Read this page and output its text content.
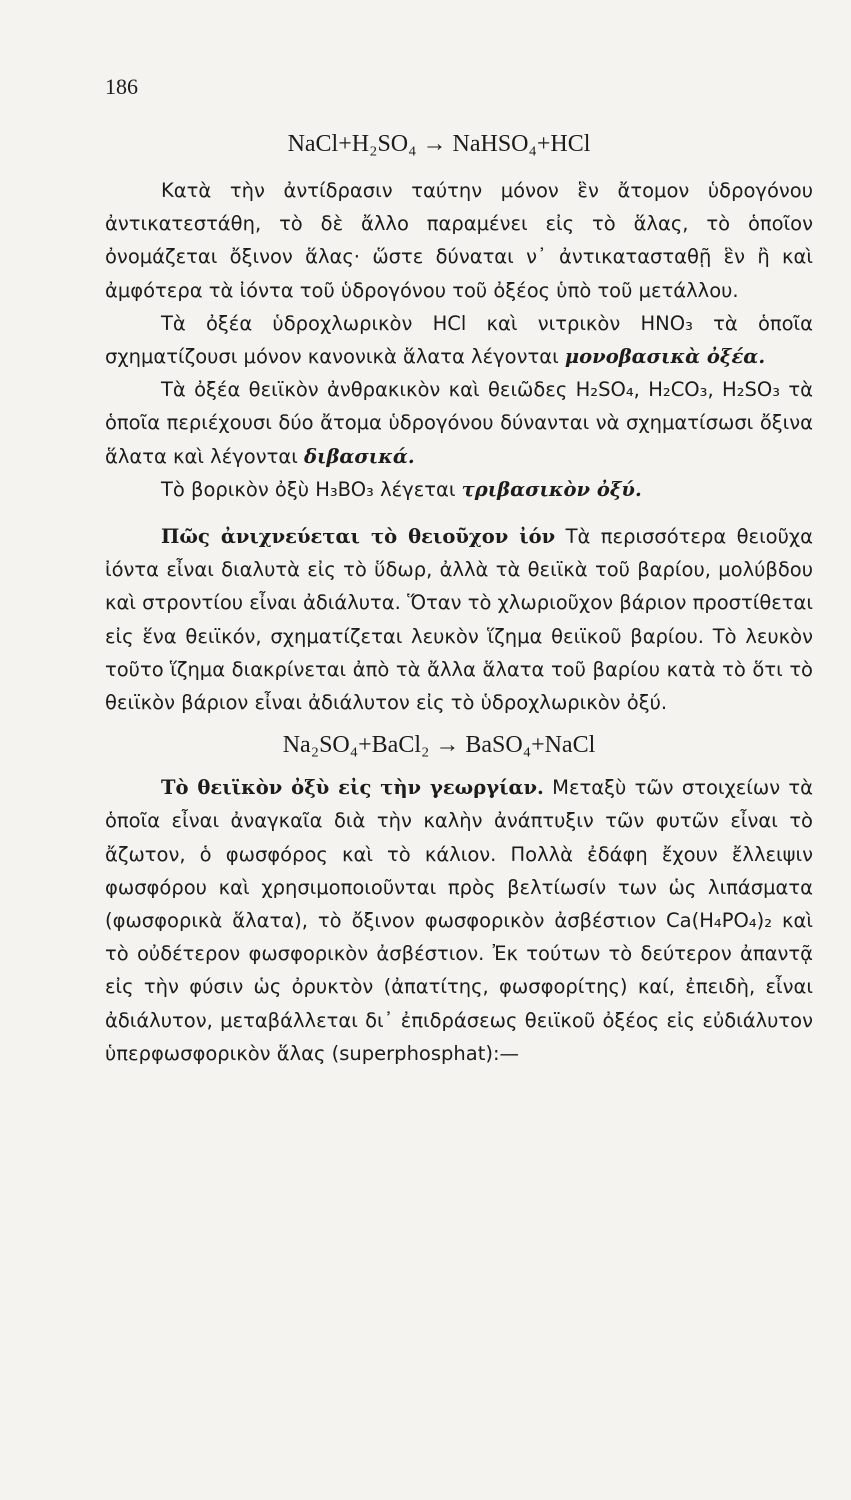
186
NaCl+H₂SO₄ → NaHSO₄+HCl

Κατὰ τὴν ἀντίδρασιν ταύτην μόνον ἓν ἄτομον ὑδρογόνου ἀντικατεστάθη, τὸ δὲ ἄλλο παραμένει εἰς τὸ ἅλας, τὸ ὁποῖον ὀνομάζεται ὄξινον ἅλας· ὥστε δύναται ν᾽ ἀντικατασταθῇ ἓν ἢ καὶ ἀμφότερα τὰ ἰόντα τοῦ ὑδρογόνου τοῦ ὀξέος ὑπὸ τοῦ μετάλλου.

Τὰ ὀξέα ὑδροχλωρικὸν HCl καὶ νιτρικὸν HNO₃ τὰ ὁποῖα σχηματίζουσι μόνον κανονικὰ ἅλατα λέγονται μονοβασικὰ ὀξέα.

Τὰ ὀξέα θειϊκὸν ἀνθρακικὸν καὶ θειῶδες H₂SO₄, H₂CO₃, H₂SO₃ τὰ ὁποῖα περιέχουσι δύο ἄτομα ὑδρογόνου δύνανται νὰ σχηματίσωσι ὄξινα ἅλατα καὶ λέγονται διβασικά.

Τὸ βορικὸν ὀξὺ H₃BO₃ λέγεται τριβασικὸν ὀξύ.

Πῶς ἀνιχνεύεται τὸ θειοῦχον ἰόν Τὰ περισσότερα θειοῦχα ἰόντα εἶναι διαλυτὰ εἰς τὸ ὕδωρ, ἀλλὰ τὰ θειϊκὰ τοῦ βαρίου, μολύβδου καὶ στροντίου εἶναι ἀδιάλυτα. Ὅταν τὸ χλωριοῦχον βάριον προστίθεται εἰς ἕνα θειϊκόν, σχηματίζεται λευκὸν ἵζημα θειϊκοῦ βαρίου. Τὸ λευκὸν τοῦτο ἵζημα διακρίνεται ἀπὸ τὰ ἄλλα ἅλατα τοῦ βαρίου κατὰ τὸ ὅτι τὸ θειϊκὸν βάριον εἶναι ἀδιάλυτον εἰς τὸ ὑδροχλωρικὸν ὀξύ.

Na₂SO₄+BaCl₂ → BaSO₄+NaCl

Τὸ θειϊκὸν ὀξὺ εἰς τὴν γεωργίαν. Μεταξὺ τῶν στοιχείων τὰ ὁποῖα εἶναι ἀναγκαῖα διὰ τὴν καλὴν ἀνάπτυξιν τῶν φυτῶν εἶναι τὸ ἄζωτον, ὁ φωσφόρος καὶ τὸ κάλιον. Πολλὰ ἐδάφη ἔχουν ἔλλειψιν φωσφόρου καὶ χρησιμοποιοῦνται πρὸς βελτίωσίν των ὡς λιπάσματα (φωσφορικὰ ἅλατα), τὸ ὄξινον φωσφορικὸν ἀσβέστιον Ca(H₄PO₄)₂ καὶ τὸ οὐδέτερον φωσφορικὸν ἀσβέστιον. Ἐκ τούτων τὸ δεύτερον ἀπαντᾷ εἰς τὴν φύσιν ὡς ὀρυκτὸν (ἀπατίτης, φωσφορίτης) καί, ἐπειδὴ, εἶναι ἀδιάλυτον, μεταβάλλεται δι᾽ ἐπιδράσεως θειϊκοῦ ὀξέος εἰς εὐδιάλυτον ὑπερφωσφορικὸν ἅλας (superphosphat):—
